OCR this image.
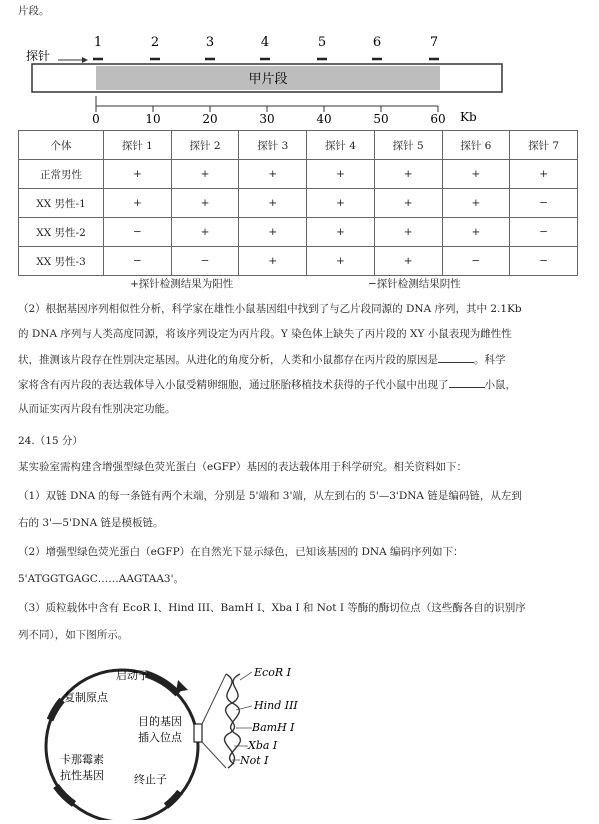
片段。
1	2	3	4	5	6	7
探针
甲片段
0	10	20	30	40	50	60 Kb
个体	探针 1	探针 2	探针 3	探针 4	探针 5	探针 6	探针 7
正常男性	+	+	+	+	+	+	+
XX 男性-1	+	+	+	+	+	+	−
XX 男性-2	−	+	+	+	+	+	−
XX 男性-3	−	−	+	+	+	−	−
+探针检测结果为阳性	−探针检测结果阴性
（2）根据基因序列相似性分析，科学家在雄性小鼠基因组中找到了与乙片段同源的 DNA 序列，其中 2.1Kb
的 DNA 序列与人类高度同源，将该序列设定为丙片段。Y 染色体上缺失了丙片段的 XY 小鼠表现为雌性性
状，推测该片段存在性别决定基因。从进化的角度分析，人类和小鼠都存在丙片段的原因是	。科学
家将含有丙片段的表达载体导入小鼠受精卵细胞，通过胚胎移植技术获得的子代小鼠中出现了	小鼠，
从而证实丙片段有性别决定功能。
24.（15 分）
某实验室需构建含增强型绿色荧光蛋白（eGFP）基因的表达载体用于科学研究。相关资料如下：
（1）双链 DNA 的每一条链有两个末端，分别是 5'端和 3'端，从左到右的 5'—3'DNA 链是编码链，从左到
右的 3'—5'DNA 链是模板链。
（2）增强型绿色荧光蛋白（eGFP）在自然光下显示绿色，已知该基因的 DNA 编码序列如下：
5'ATGGTGAGC……AAGTAA3'。
（3）质粒载体中含有 EcoR I、Hind III、BamH I、Xba I 和 Not I 等酶的酶切位点（这些酶各自的识别序
列不同），如下图所示。
EcoR I
Hind III
BamH I
Xba I
Not I
复制原点
启动子
目的基因
插入位点
卡那霉素
抗性基因	终止子
